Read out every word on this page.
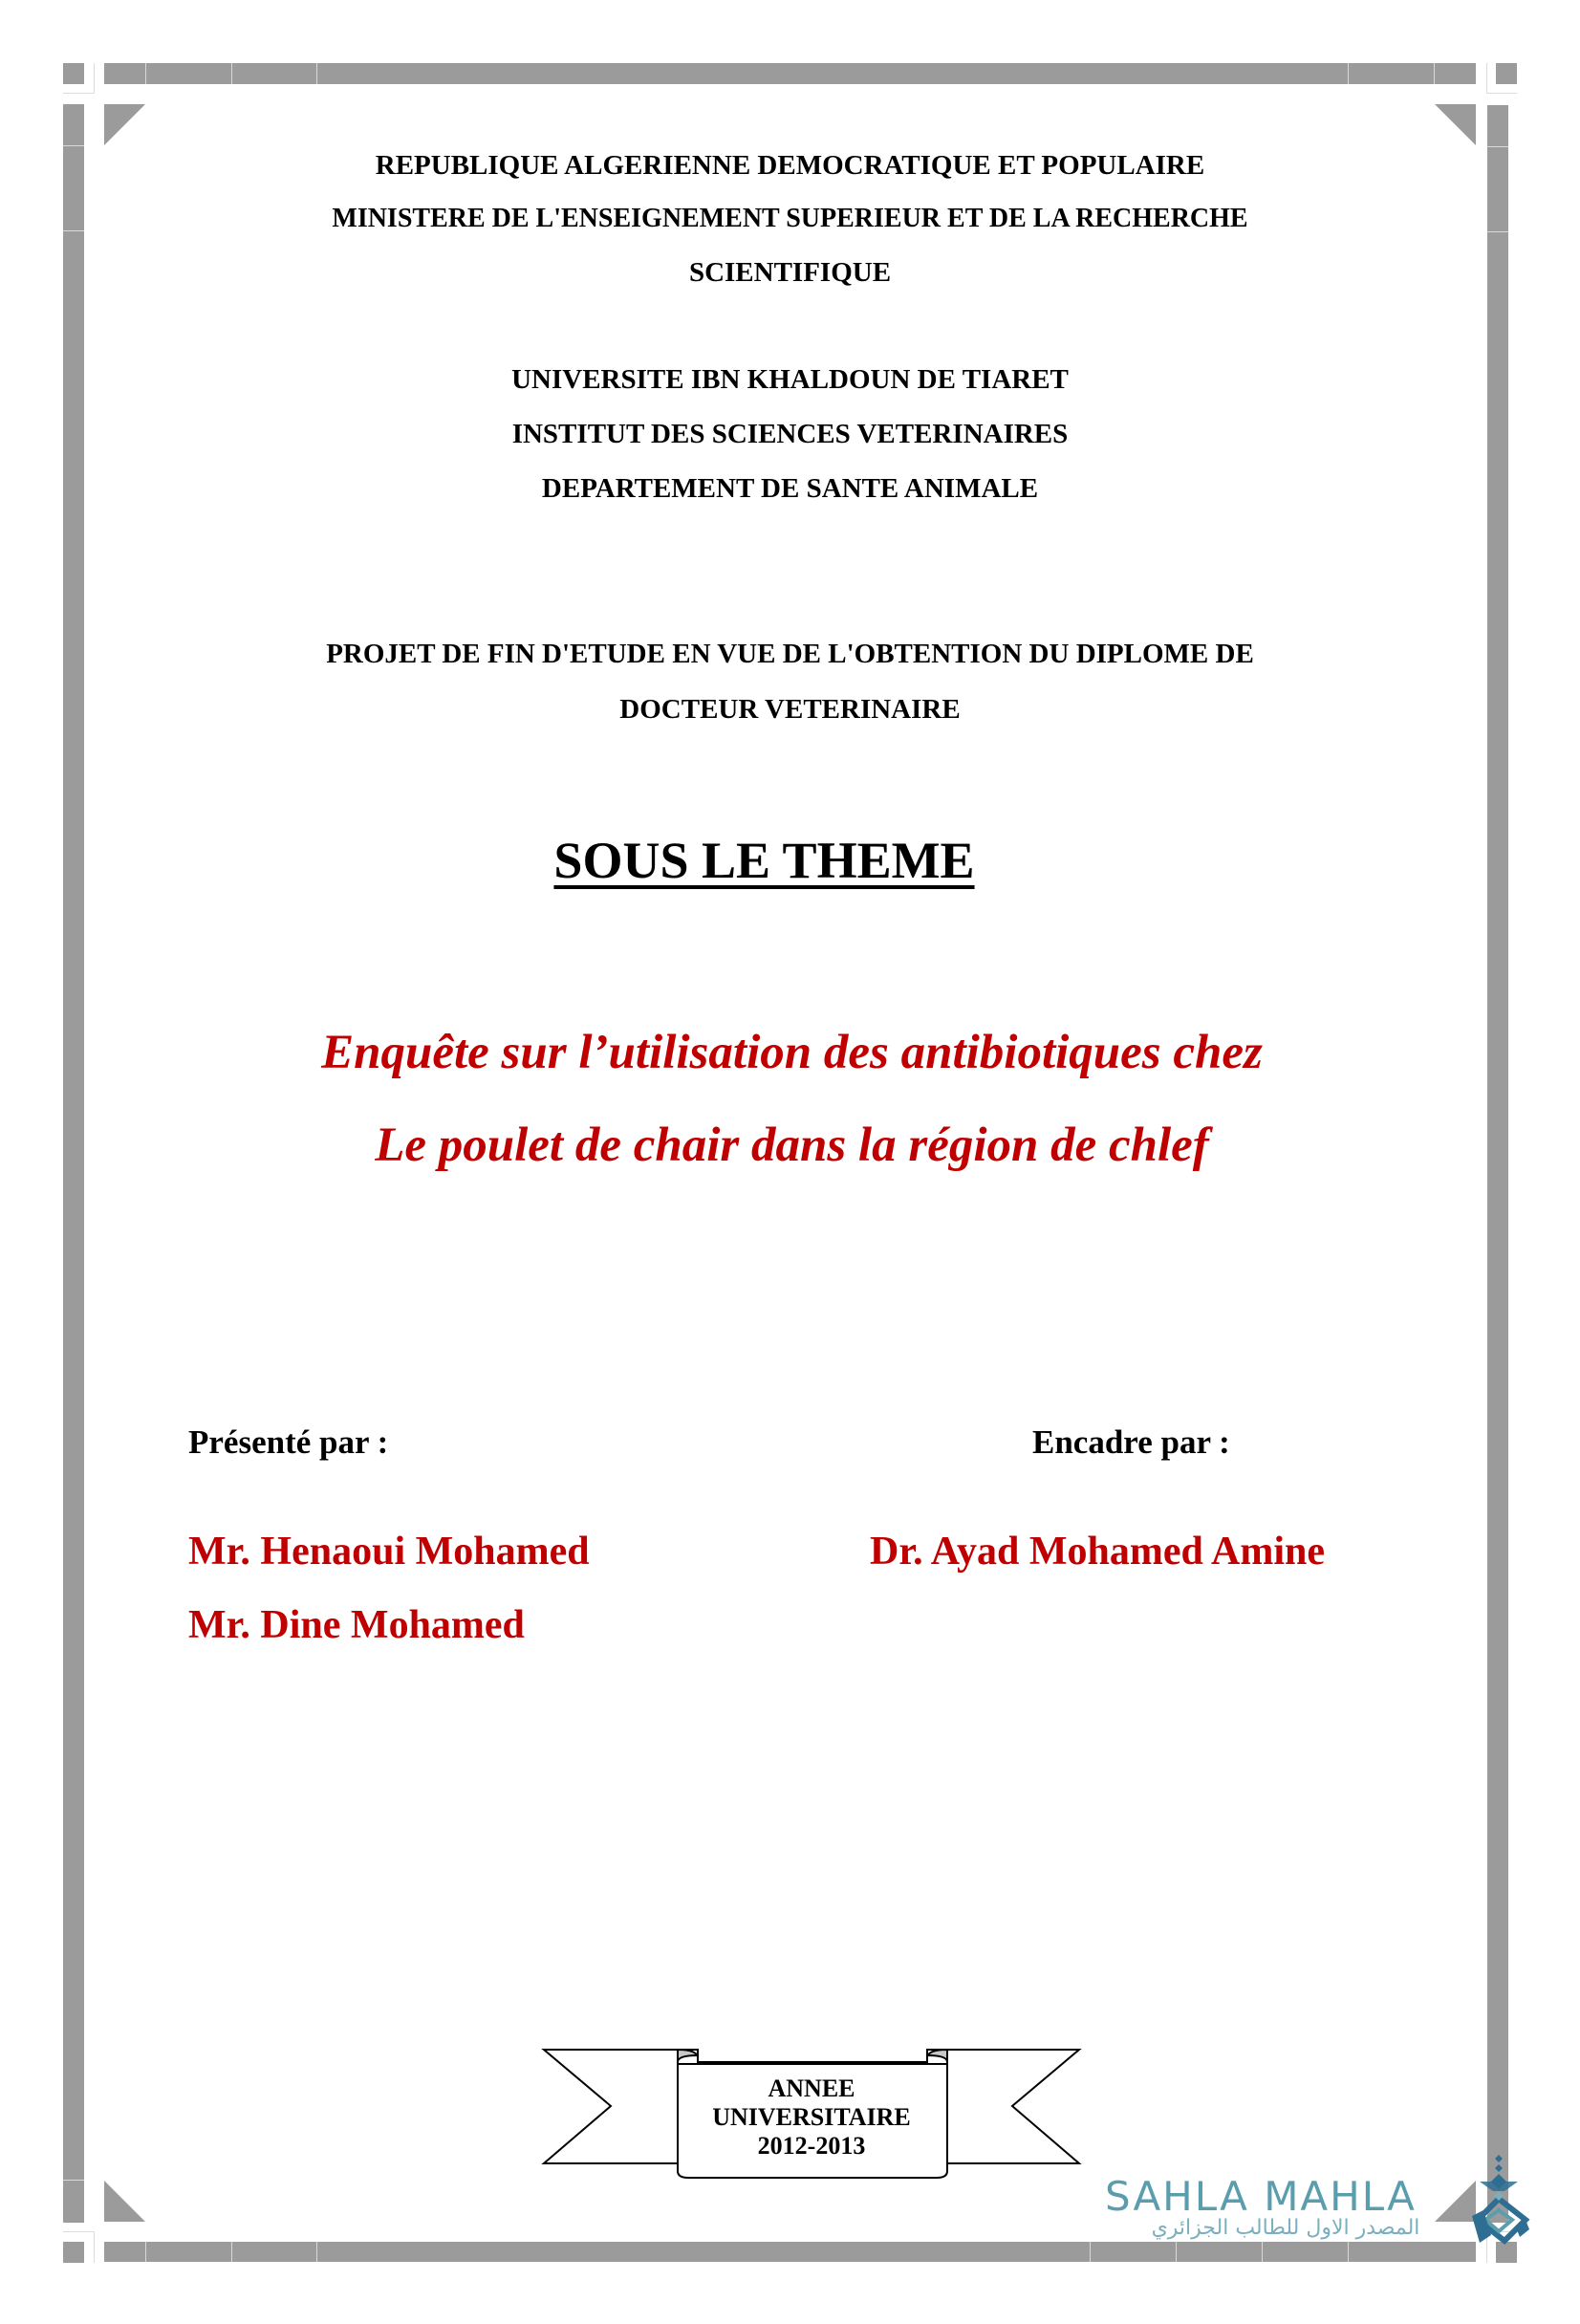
REPUBLIQUE ALGERIENNE DEMOCRATIQUE ET POPULAIRE
MINISTERE DE L'ENSEIGNEMENT SUPERIEUR ET DE LA RECHERCHE
SCIENTIFIQUE
UNIVERSITE IBN KHALDOUN DE TIARET
INSTITUT DES SCIENCES VETERINAIRES
DEPARTEMENT DE SANTE ANIMALE
PROJET DE FIN D'ETUDE EN VUE DE L'OBTENTION DU DIPLOME DE
DOCTEUR VETERINAIRE
SOUS LE THEME
Enquête sur l’utilisation des antibiotiques chez
Le poulet de chair dans la région de chlef
Présenté par :	Encadre par :
Mr. Henaoui Mohamed
Mr. Dine Mohamed
Dr. Ayad Mohamed Amine
ANNEE
UNIVERSITAIRE
2012-2013
SAHLA MAHLA
المصدر الاول للطالب الجزائري
